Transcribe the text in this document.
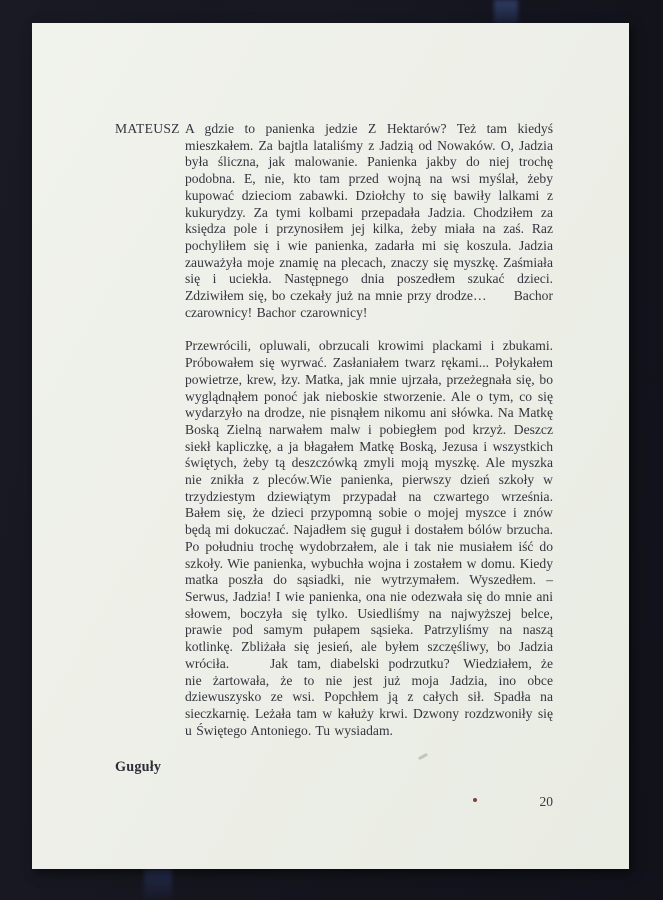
MATEUSZ A gdzie to panienka jedzie Z Hektarów? Też tam kiedyś mieszkałem. Za bajtla lataliśmy z Jadzią od Nowaków. O, Jadzia była śliczna, jak malowanie. Panienka jakby do niej trochę podobna. E, nie, kto tam przed wojną na wsi myślał, żeby kupować dzieciom zabawki. Dziołchy to się bawiły lalkami z kukurydzy. Za tymi kolbami przepadała Jadzia. Chodziłem za księdza pole i przynosiłem jej kilka, żeby miała na zaś. Raz pochyliłem się i wie panienka, zadarła mi się koszula. Jadzia zauważyła moje znamię na plecach, znaczy się myszkę. Zaśmiała się i uciekła. Następnego dnia poszedłem szukać dzieci. Zdziwiłem się, bo czekały już na mnie przy drodze…  Bachor czarownicy! Bachor czarownicy!

Przewrócili, opluwali, obrzucali krowimi plackami i zbukami. Próbowałem się wyrwać. Zasłaniałem twarz rękami... Połykałem powietrze, krew, łzy. Matka, jak mnie ujrzała, przeżegnała się, bo wyglądnąłem ponoć jak nieboskie stworzenie. Ale o tym, co się wydarzyło na drodze, nie pisnąłem nikomu ani słówka. Na Matkę Boską Zielną narwałem malw i pobiegłem pod krzyż. Deszcz siekł kapliczkę, a ja błagałem Matkę Boską, Jezusa i wszystkich świętych, żeby tą deszczówką zmyli moją myszkę. Ale myszka nie znikła z pleców.Wie panienka, pierwszy dzień szkoły w trzydziestym dziewiątym przypadał na czwartego września. Bałem się, że dzieci przypomną sobie o mojej myszce i znów będą mi dokuczać. Najadłem się guguł i dostałem bólów brzucha. Po południu trochę wydobrzałem, ale i tak nie musiałem iść do szkoły. Wie panienka, wybuchła wojna i zostałem w domu. Kiedy matka poszła do sąsiadki, nie wytrzymałem. Wyszedłem. – Serwus, Jadzia! I wie panienka, ona nie odezwała się do mnie ani słowem, boczyła się tylko. Usiedliśmy na najwyższej belce, prawie pod samym pułapem sąsieka. Patrzyliśmy na naszą kotlinkę. Zbliżała się jesień, ale byłem szczęśliwy, bo Jadzia wróciła.   Jak tam, diabelski podrzutku? Wiedziałem, że nie żartowała, że to nie jest już moja Jadzia, ino obce dziewuszysko ze wsi. Popchłem ją z całych sił. Spadła na sieczkarnię. Leżała tam w kałuży krwi. Dzwony rozdzwoniły się u Świętego Antoniego. Tu wysiadam.

Guguły
20
